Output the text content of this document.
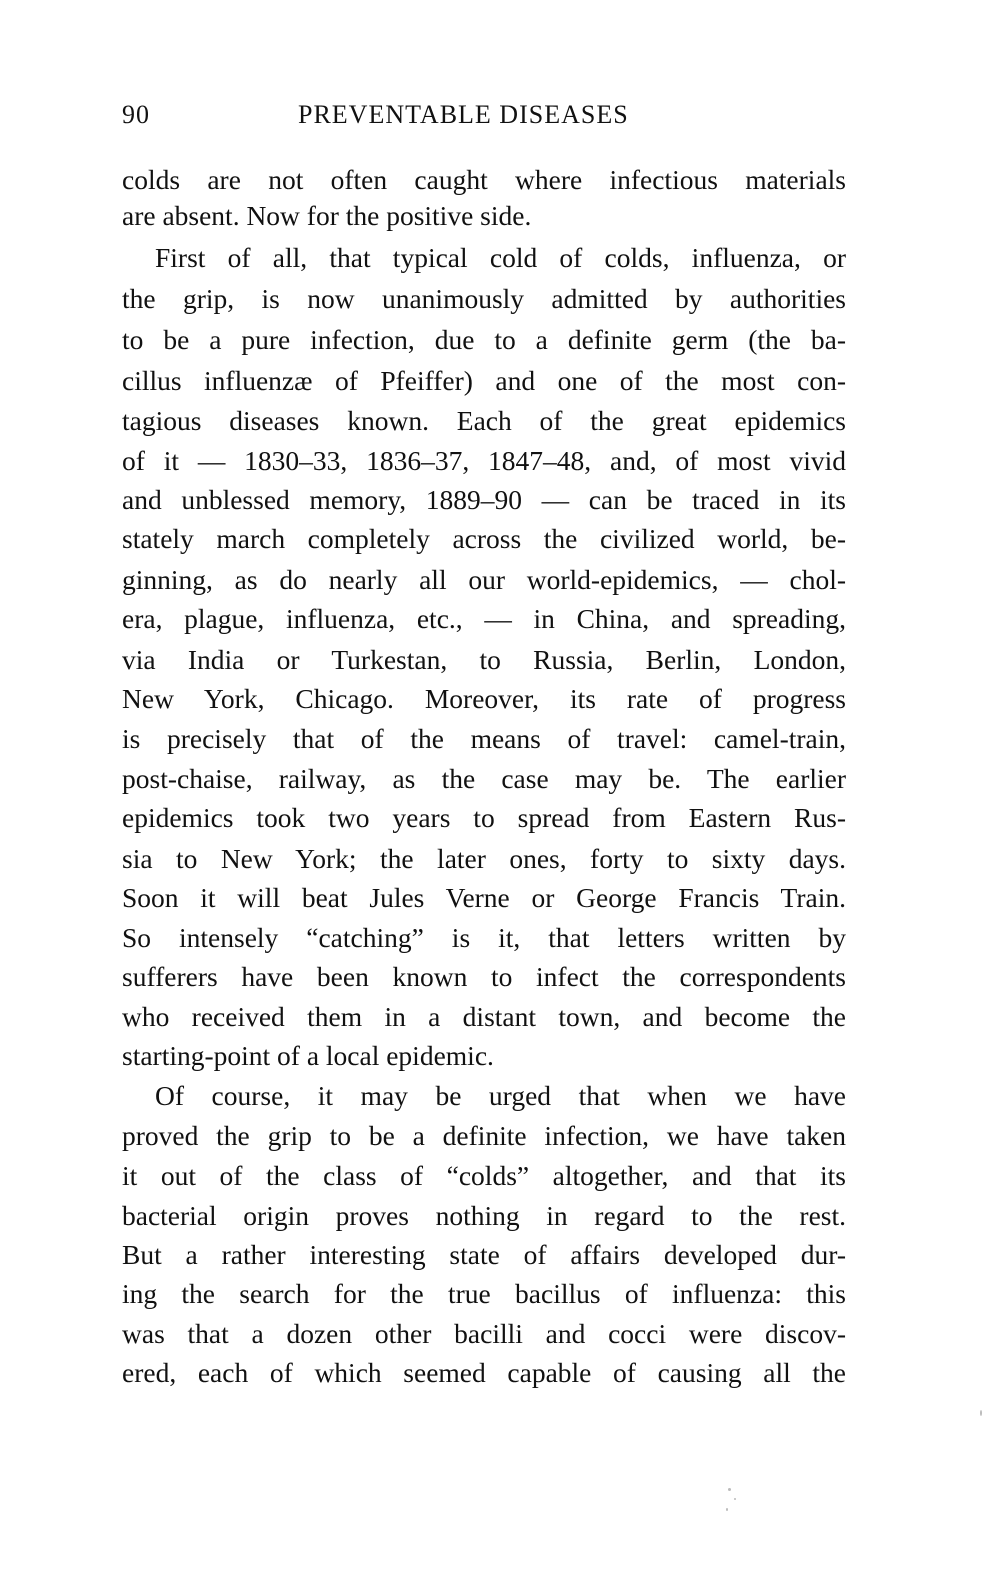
90	PREVENTABLE DISEASES
colds are not often caught where infectious materials
are absent. Now for the positive side.
First of all, that typical cold of colds, influenza, or
the grip, is now unanimously admitted by authorities
to be a pure infection, due to a definite germ (the ba-
cillus influenzæ of Pfeiffer) and one of the most con-
tagious diseases known. Each of the great epidemics
of it — 1830–33, 1836–37, 1847–48, and, of most vivid
and unblessed memory, 1889–90 — can be traced in its
stately march completely across the civilized world, be-
ginning, as do nearly all our world-epidemics, — chol-
era, plague, influenza, etc., — in China, and spreading,
via India or Turkestan, to Russia, Berlin, London,
New York, Chicago. Moreover, its rate of progress
is precisely that of the means of travel: camel-train,
post-chaise, railway, as the case may be. The earlier
epidemics took two years to spread from Eastern Rus-
sia to New York; the later ones, forty to sixty days.
Soon it will beat Jules Verne or George Francis Train.
So intensely “catching” is it, that letters written by
sufferers have been known to infect the correspondents
who received them in a distant town, and become the
starting-point of a local epidemic.
Of course, it may be urged that when we have
proved the grip to be a definite infection, we have taken
it out of the class of “colds” altogether, and that its
bacterial origin proves nothing in regard to the rest.
But a rather interesting state of affairs developed dur-
ing the search for the true bacillus of influenza: this
was that a dozen other bacilli and cocci were discov-
ered, each of which seemed capable of causing all the
